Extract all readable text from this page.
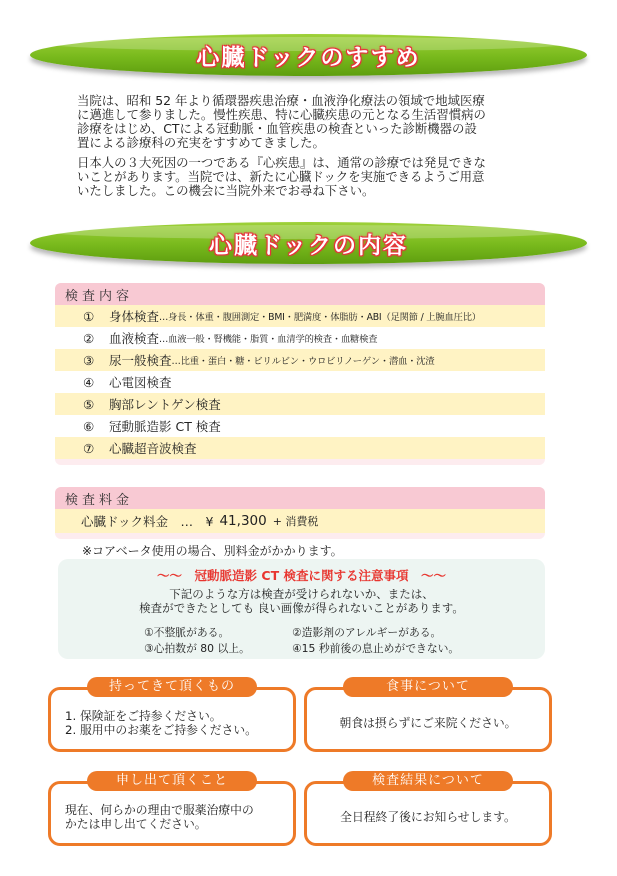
心臓ドックのすすめ

当院は、昭和 52 年より循環器疾患治療・血液浄化療法の領域で地域医療
に邁進して参りました。慢性疾患、特に心臓疾患の元となる生活習慣病の
診療をはじめ、CTによる冠動脈・血管疾患の検査といった診断機器の設
置による診療科の充実をすすめてきました。

日本人の３大死因の一つである『心疾患』は、通常の診療では発見できな
いことがあります。当院では、新たに心臓ドックを実施できるようご用意
いたしました。この機会に当院外来でお尋ね下さい。

心臓ドックの内容
検査内容
①	身体検査 …身長・体重・腹囲測定・BMI・肥満度・体脂肪・ABI（足関節 / 上腕血圧比）
②	血液検査 …血液一般・腎機能・脂質・血清学的検査・血糖検査
③	尿一般検査 …比重・蛋白・糖・ビリルビン・ウロビリノーゲン・潜血・沈渣
④	心電図検査
⑤	胸部レントゲン検査
⑥	冠動脈造影 CT 検査
⑦	心臓超音波検査
検査料金
心臓ドック料金　…　¥ 41,300 + 消費税

※コアベータ使用の場合、別料金がかかります。

〜〜　冠動脈造影 CT 検査に関する注意事項　〜〜
下記のような方は検査が受けられないか、または、
検査ができたとしても 良い画像が得られないことがあります。
①不整脈がある。	②造影剤のアレルギーがある。
③心拍数が 80 以上。	④15 秒前後の息止めができない。
持ってきて頂くもの
1. 保険証をご持参ください。
2. 服用中のお薬をご持参ください。
食事について
朝食は摂らずにご来院ください。
申し出て頂くこと
現在、何らかの理由で服薬治療中の
かたは申し出てください。
検査結果について
全日程終了後にお知らせします。
